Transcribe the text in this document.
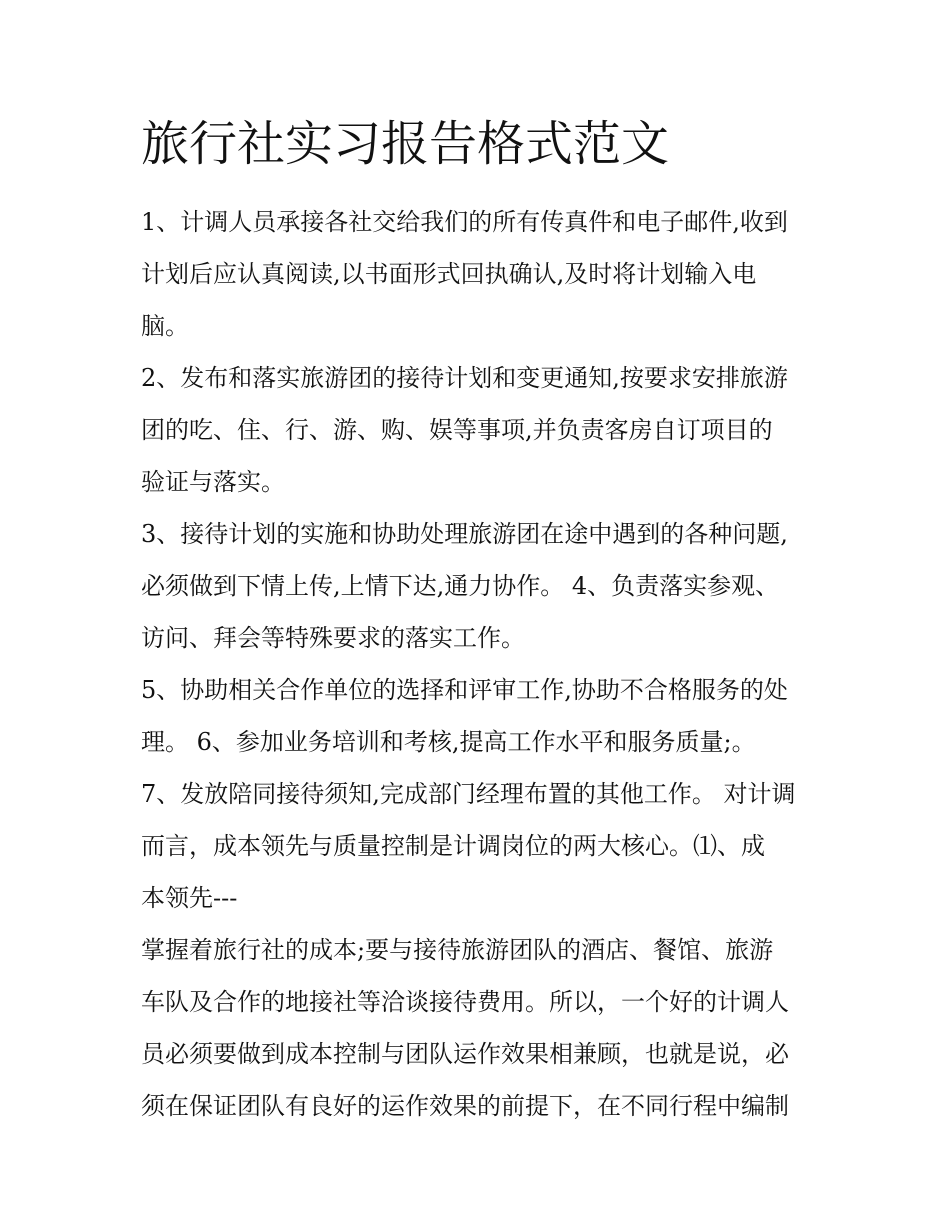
旅行社实习报告格式范文
1、计调人员承接各社交给我们的所有传真件和电子邮件,收到
计划后应认真阅读,以书面形式回执确认,及时将计划输入电
脑。
2、发布和落实旅游团的接待计划和变更通知,按要求安排旅游
团的吃、住、行、游、购、娱等事项,并负责客房自订项目的
验证与落实。
3、接待计划的实施和协助处理旅游团在途中遇到的各种问题,
必须做到下情上传,上情下达,通力协作。 4、负责落实参观、
访问、拜会等特殊要求的落实工作。
5、协助相关合作单位的选择和评审工作,协助不合格服务的处
理。 6、参加业务培训和考核,提高工作水平和服务质量;。
7、发放陪同接待须知,完成部门经理布置的其他工作。 对计调
而言，成本领先与质量控制是计调岗位的两大核心。⑴、成
本领先---
掌握着旅行社的成本;要与接待旅游团队的酒店、餐馆、旅游
车队及合作的地接社等洽谈接待费用。所以，一个好的计调人
员必须要做到成本控制与团队运作效果相兼顾，也就是说，必
须在保证团队有良好的运作效果的前提下，在不同行程中编制
